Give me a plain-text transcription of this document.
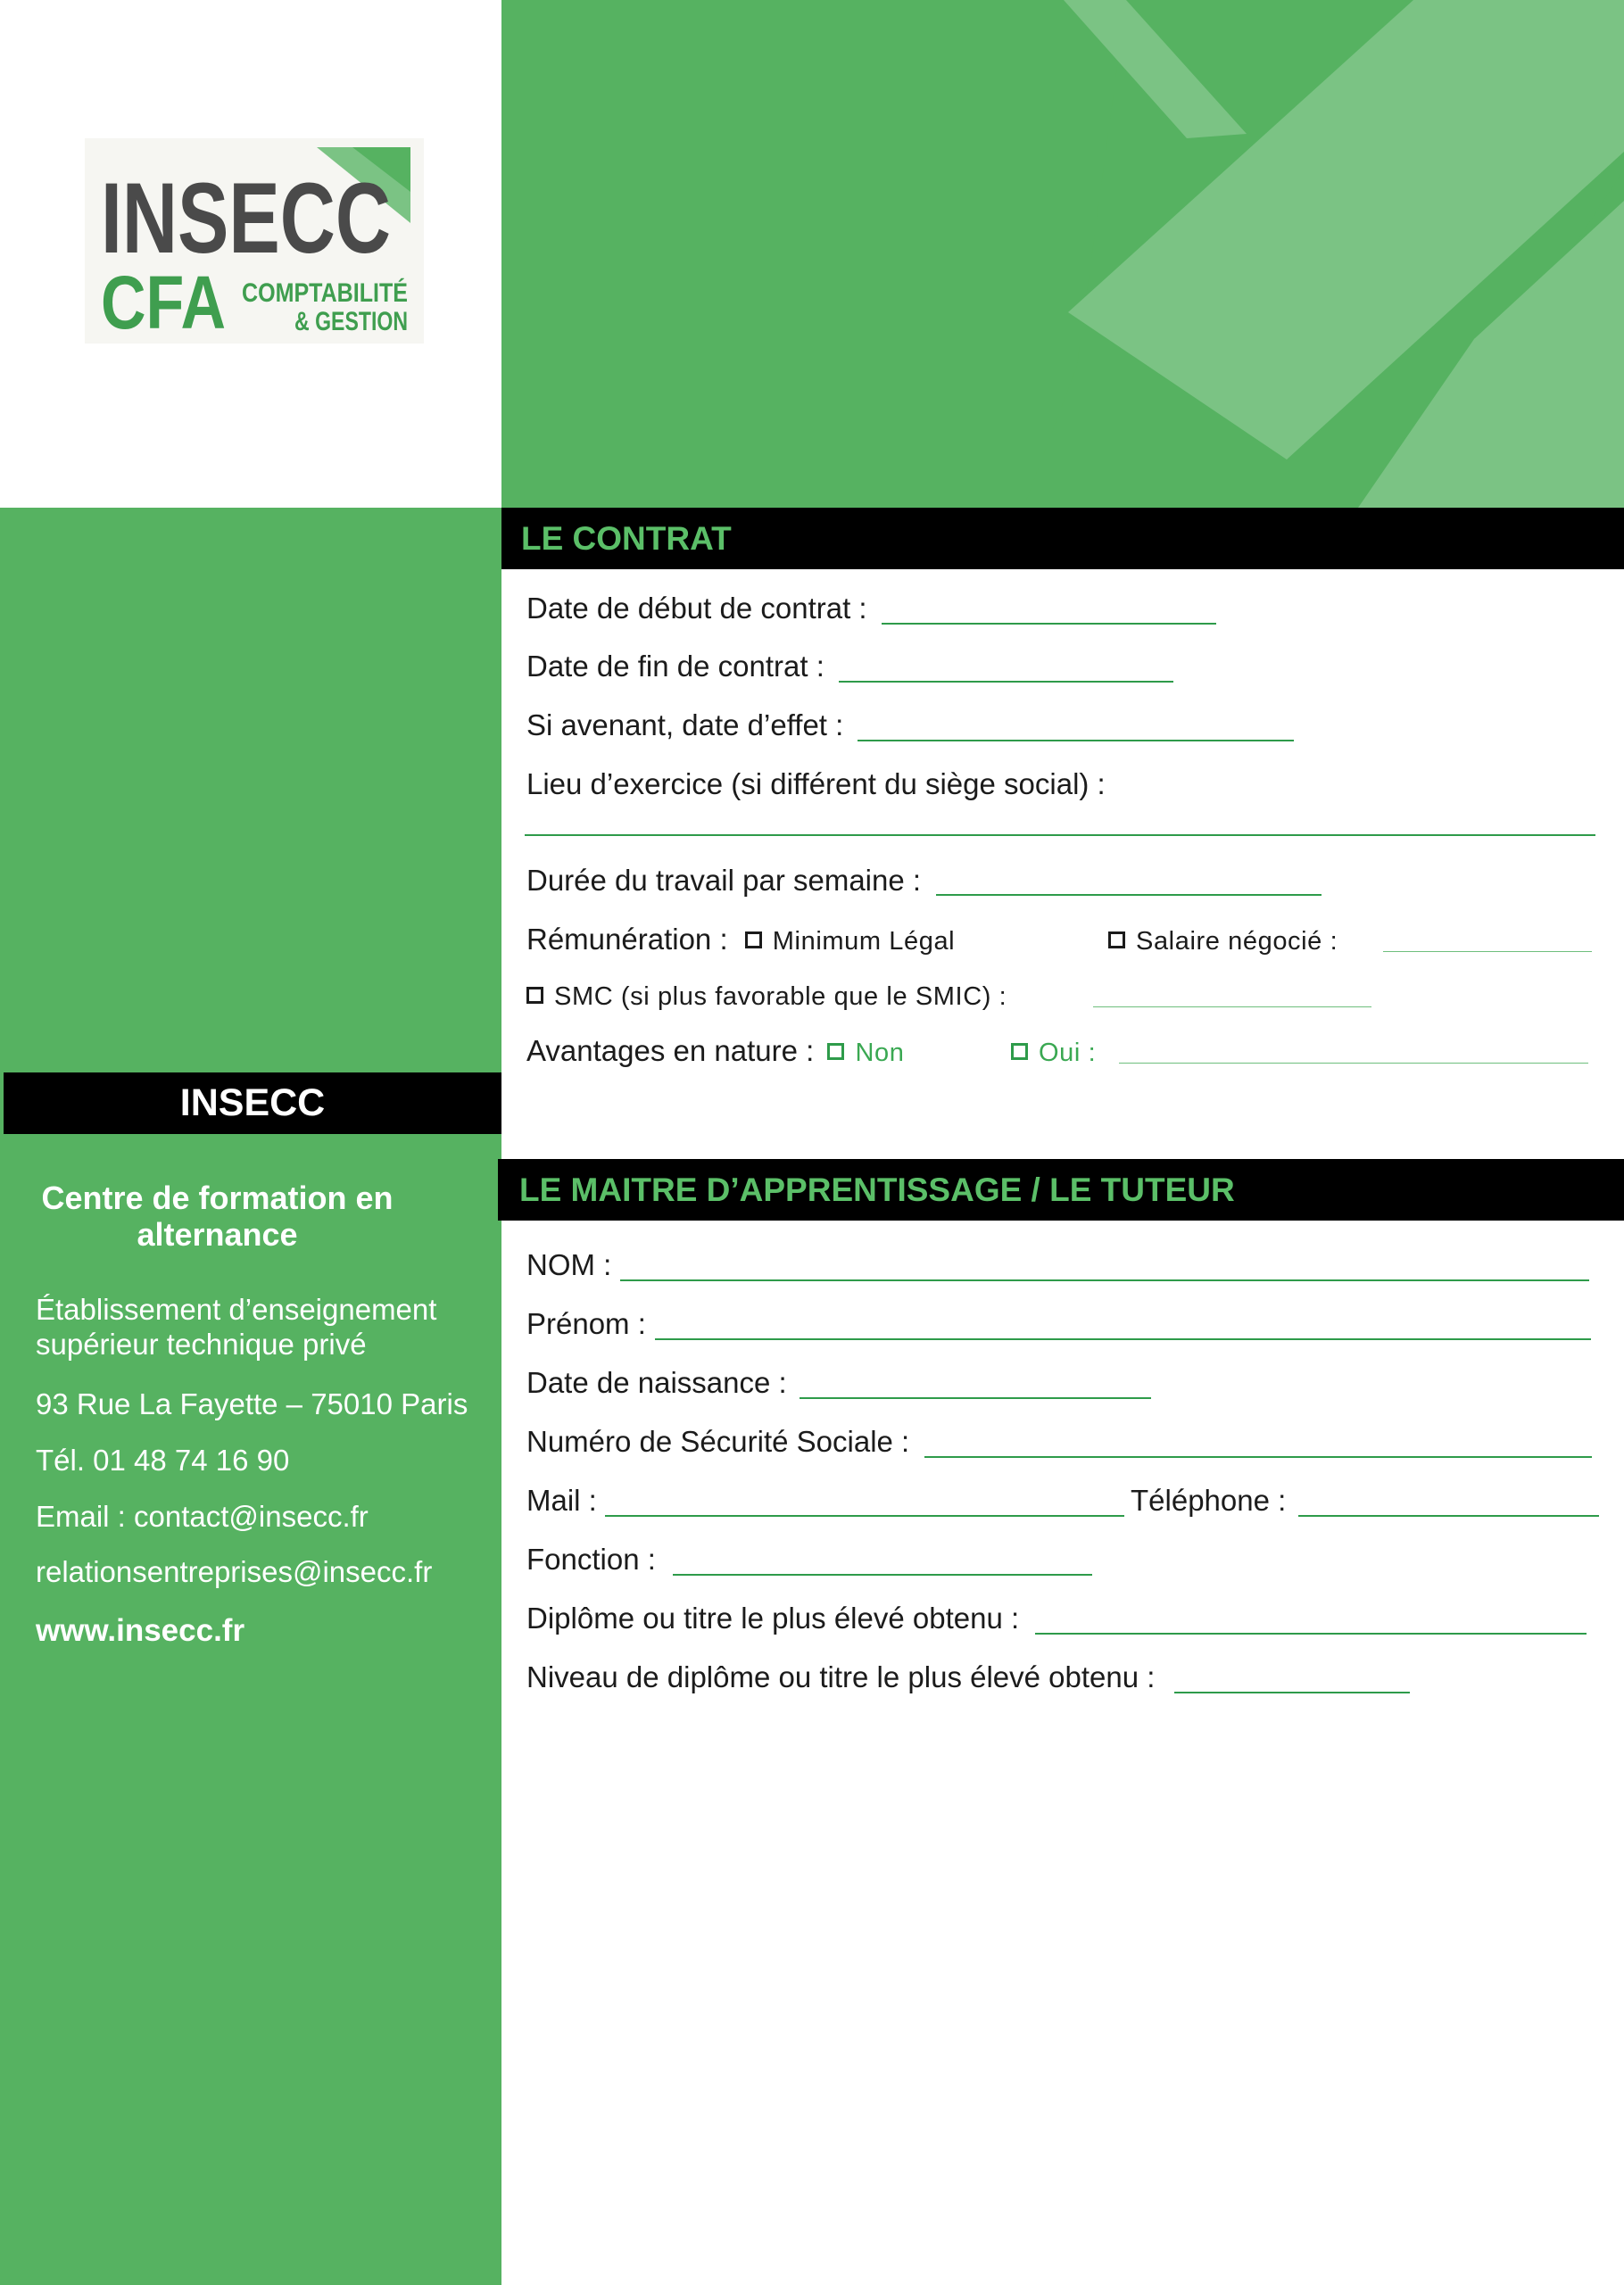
INSECC
CFA COMPTABILITÉ
& GESTION
INSECC
Centre de formation en alternance
Établissement d’enseignement supérieur technique privé
93 Rue La Fayette – 75010 Paris
Tél. 01 48 74 16 90
Email : contact@insecc.fr
relationsentreprises@insecc.fr
www.insecc.fr
LE CONTRAT
Date de début de contrat :
Date de fin de contrat :
Si avenant, date d’effet :
Lieu d’exercice (si différent du siège social) :
Durée du travail par semaine :
Rémunération : Minimum Légal	Salaire négocié :
SMC (si plus favorable que le SMIC) :
Avantages en nature : Non	Oui :
LE MAITRE D’APPRENTISSAGE / LE TUTEUR
NOM :
Prénom :
Date de naissance :
Numéro de Sécurité Sociale :
Mail :	Téléphone :
Fonction :
Diplôme ou titre le plus élevé obtenu :
Niveau de diplôme ou titre le plus élevé obtenu :
